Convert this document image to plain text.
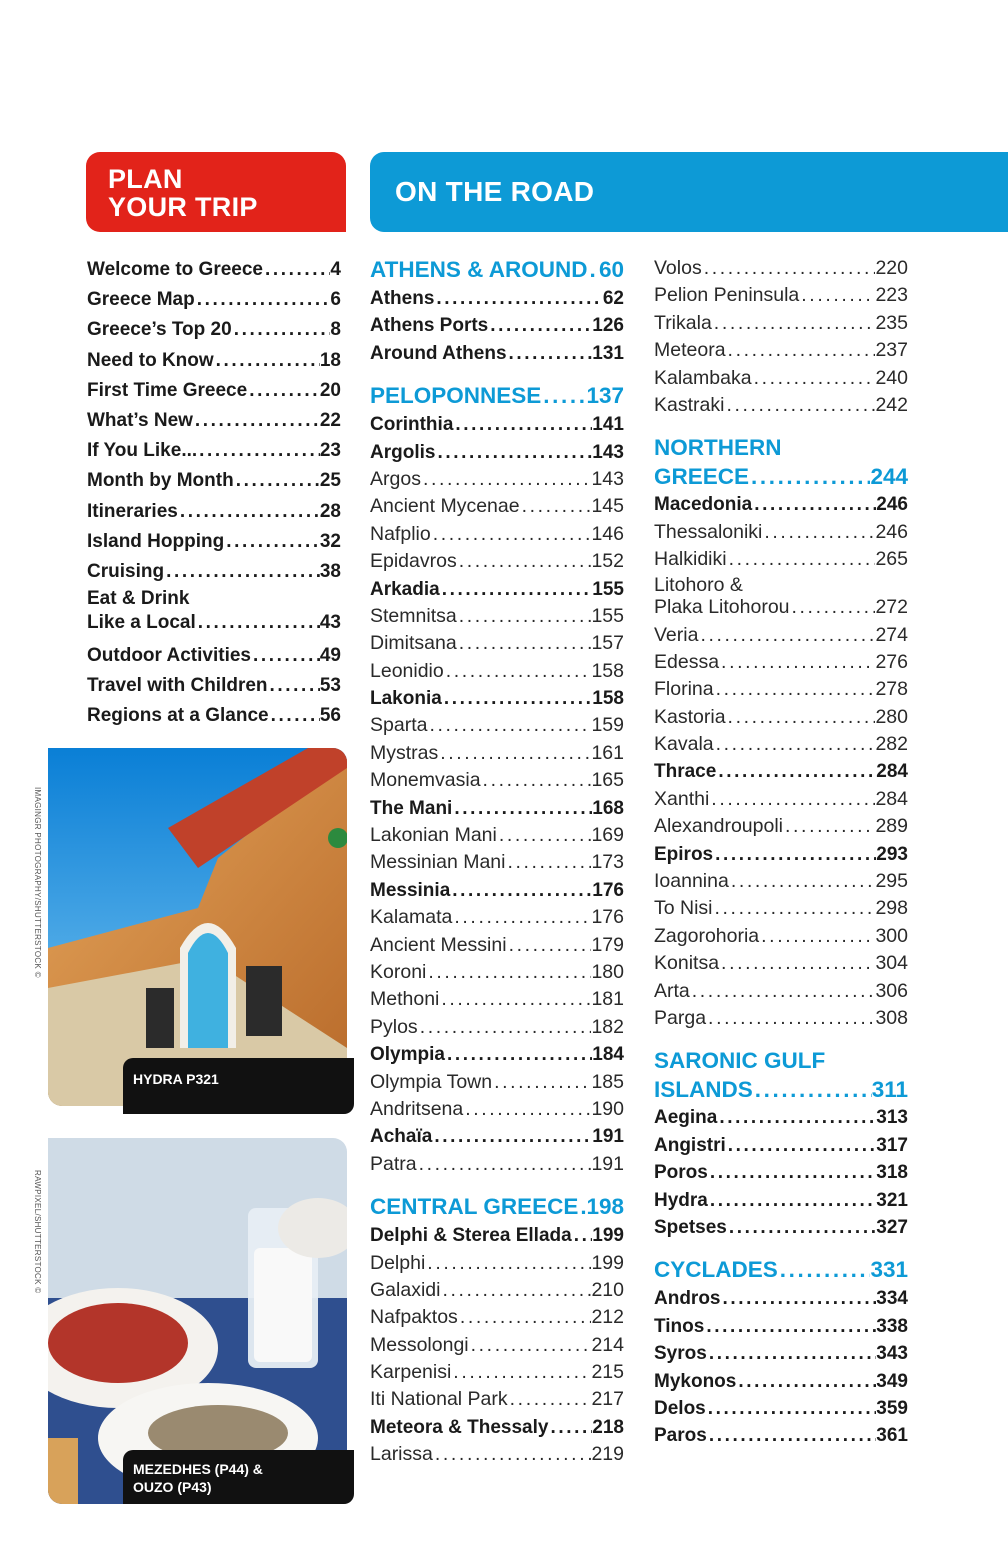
PLAN
YOUR TRIP	ON THE ROAD
Welcome to Greece .....	4
Greece Map .....	6
Greece’s Top 20 .....	8
Need to Know .....	18
First Time Greece .....	20
What’s New .....	22
If You Like... .....	23
Month by Month .....	25
Itineraries .....	28
Island Hopping .....	32
Cruising .....	38
Eat & Drink
Like a Local .....	43
Outdoor Activities .....	49
Travel with Children .....	53
Regions at a Glance .....	56
ATHENS & AROUND ..... 60
Athens .....	62
Athens Ports .....	126
Around Athens .....	131
PELOPONNESE ..... 137
Corinthia .....	141
Argolis .....	143
Argos .....	143
Ancient Mycenae .....	145
Nafplio .....	146
Epidavros .....	152
Arkadia .....	155
Stemnitsa .....	155
Dimitsana .....	157
Leonidio .....	158
Lakonia .....	158
Sparta .....	159
Mystras .....	161
Monemvasia .....	165
The Mani .....	168
Lakonian Mani .....	169
Messinian Mani .....	173
Messinia .....	176
Kalamata .....	176
Ancient Messini .....	179
Koroni .....	180
Methoni .....	181
Pylos .....	182
Olympia .....	184
Olympia Town .....	185
Andritsena .....	190
Achaïa .....	191
Patra .....	191
CENTRAL GREECE ..... 198
Delphi & Sterea Ellada ..... 199
Delphi .....	199
Galaxidi .....	210
Nafpaktos .....	212
Messolongi .....	214
Karpenisi .....	215
Iti National Park .....	217
Meteora & Thessaly ..... 218
Larissa .....	219
Volos .....	220
Pelion Peninsula .....	223
Trikala .....	235
Meteora .....	237
Kalambaka .....	240
Kastraki .....	242
NORTHERN
GREECE .....	244
Macedonia .....	246
Thessaloniki .....	246
Halkidiki .....	265
Litohoro &
Plaka Litohorou .....	272
Veria .....	274
Edessa .....	276
Florina .....	278
Kastoria .....	280
Kavala .....	282
Thrace .....	284
Xanthi .....	284
Alexandroupoli .....	289
Epiros .....	293
Ioannina .....	295
To Nisi .....	298
Zagorohoria .....	300
Konitsa .....	304
Arta .....	306
Parga .....	308
SARONIC GULF
ISLANDS .....	311
Aegina .....	313
Angistri .....	317
Poros .....	318
Hydra .....	321
Spetses .....	327
CYCLADES .....	331
Andros .....	334
Tinos .....	338
Syros .....	343
Mykonos .....	349
Delos .....	359
Paros .....	361
HYDRA P321
MEZEDHES (P44) &
OUZO (P43)
IMAGINGR PHOTOGRAPHY/SHUTTERSTOCK ©
RAWPIXEL/SHUTTERSTOCK ©
